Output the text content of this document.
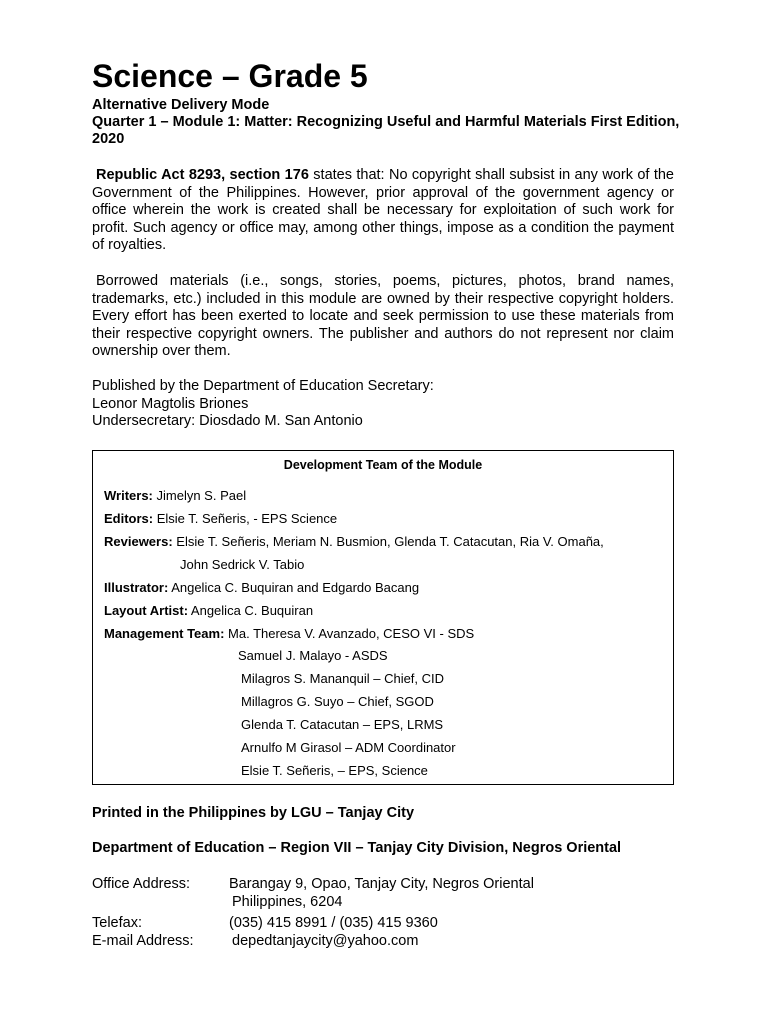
Science – Grade 5
Alternative Delivery Mode
Quarter 1 – Module 1: Matter: Recognizing Useful and Harmful Materials First Edition, 2020
Republic Act 8293, section 176 states that: No copyright shall subsist in any work of the Government of the Philippines. However, prior approval of the government agency or office wherein the work is created shall be necessary for exploitation of such work for profit. Such agency or office may, among other things, impose as a condition the payment of royalties.
Borrowed materials (i.e., songs, stories, poems, pictures, photos, brand names, trademarks, etc.) included in this module are owned by their respective copyright holders. Every effort has been exerted to locate and seek permission to use these materials from their respective copyright owners. The publisher and authors do not represent nor claim ownership over them.
Published by the Department of Education Secretary:
Leonor Magtolis Briones
Undersecretary: Diosdado M. San Antonio
Development Team of the Module
Writers: Jimelyn S. Pael
Editors: Elsie T. Señeris, - EPS Science
Reviewers: Elsie T. Señeris, Meriam N. Busmion, Glenda T. Catacutan, Ria V. Omaña,
John Sedrick V. Tabio
Illustrator: Angelica C. Buquiran and Edgardo Bacang
Layout Artist: Angelica C. Buquiran
Management Team: Ma. Theresa V. Avanzado, CESO VI - SDS
Samuel J. Malayo - ASDS
Milagros S. Mananquil – Chief, CID
Millagros G. Suyo – Chief, SGOD
Glenda T. Catacutan – EPS, LRMS
Arnulfo M Girasol – ADM Coordinator
Elsie T. Señeris, – EPS, Science
Printed in the Philippines by LGU – Tanjay City
Department of Education – Region VII – Tanjay City Division, Negros Oriental
Office Address:	Barangay 9, Opao, Tanjay City, Negros Oriental
Philippines, 6204
Telefax:	(035) 415 8991 / (035) 415 9360
E-mail Address:	depedtanjaycity@yahoo.com
